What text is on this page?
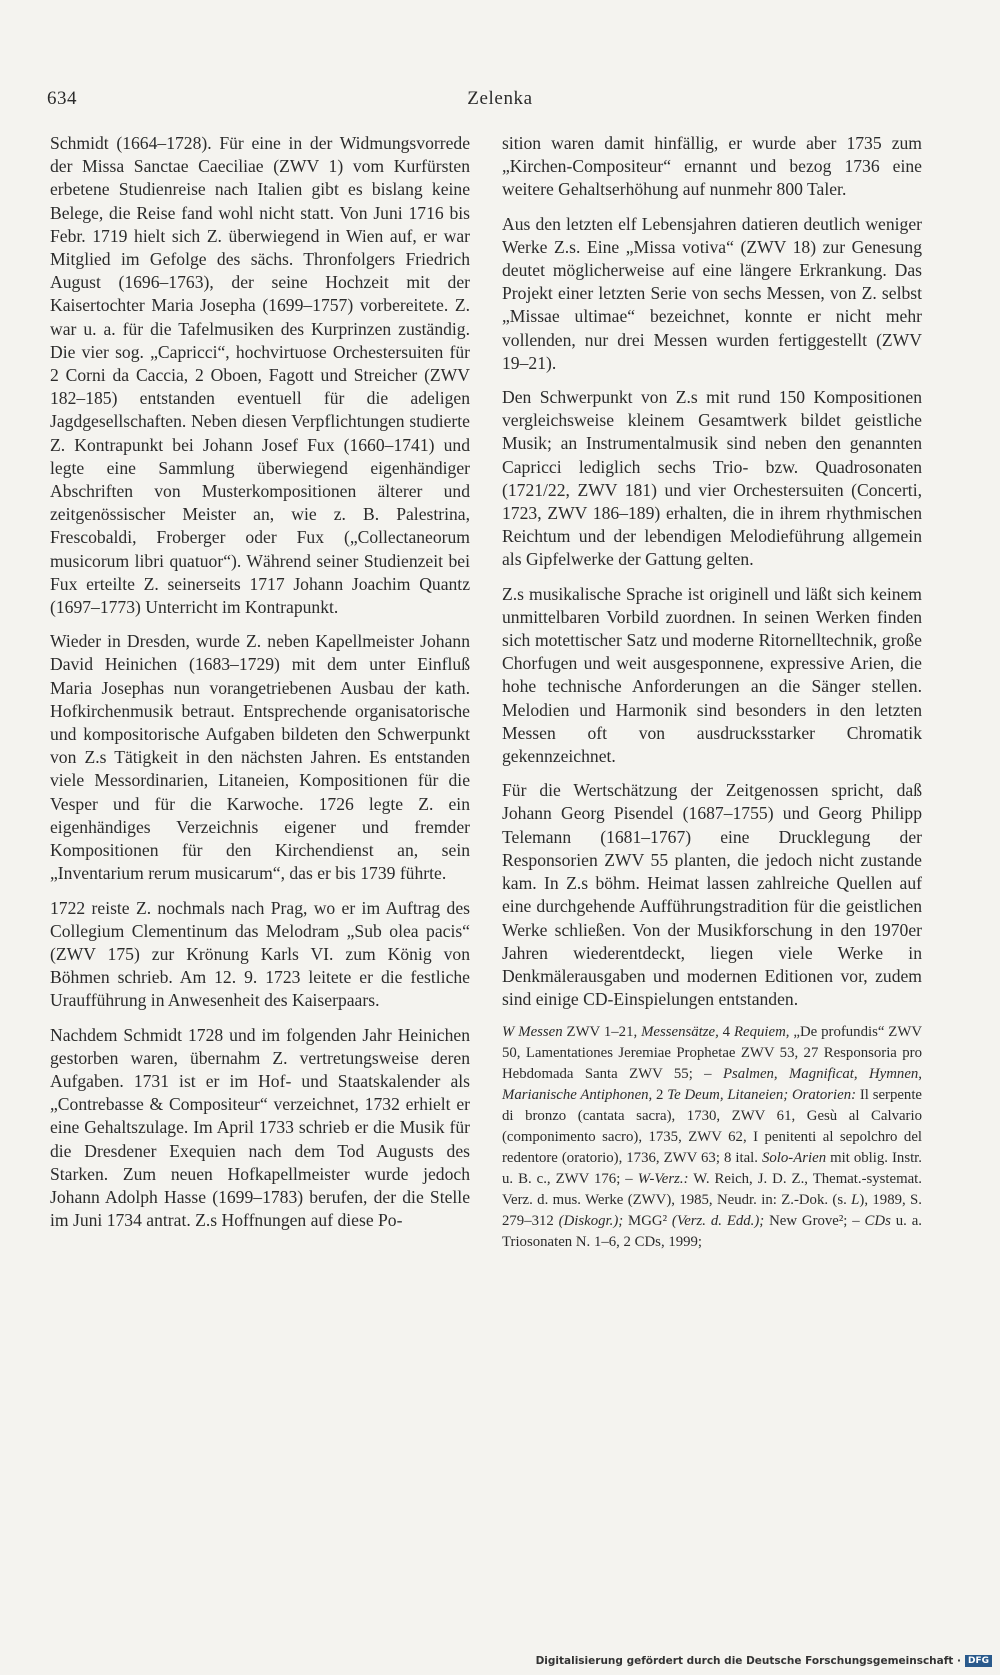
634	Zelenka

Schmidt (1664–1728). Für eine in der Widmungsvorrede der Missa Sanctae Caeciliae (ZWV 1) vom Kurfürsten erbetene Studienreise nach Italien gibt es bislang keine Belege, die Reise fand wohl nicht statt. Von Juni 1716 bis Febr. 1719 hielt sich Z. überwiegend in Wien auf, er war Mitglied im Gefolge des sächs. Thronfolgers Friedrich August (1696–1763), der seine Hochzeit mit der Kaisertochter Maria Josepha (1699–1757) vorbereitete. Z. war u. a. für die Tafelmusiken des Kurprinzen zuständig. Die vier sog. „Capricci“, hochvirtuose Orchestersuiten für 2 Corni da Caccia, 2 Oboen, Fagott und Streicher (ZWV 182–185) entstanden eventuell für die adeligen Jagdgesellschaften. Neben diesen Verpflichtungen studierte Z. Kontrapunkt bei Johann Josef Fux (1660–1741) und legte eine Sammlung überwiegend eigenhändiger Abschriften von Musterkompositionen älterer und zeitgenössischer Meister an, wie z. B. Palestrina, Frescobaldi, Froberger oder Fux („Collectaneorum musicorum libri quatuor“). Während seiner Studienzeit bei Fux erteilte Z. seinerseits 1717 Johann Joachim Quantz (1697–1773) Unterricht im Kontrapunkt.

Wieder in Dresden, wurde Z. neben Kapellmeister Johann David Heinichen (1683–1729) mit dem unter Einfluß Maria Josephas nun vorangetriebenen Ausbau der kath. Hofkirchenmusik betraut. Entsprechende organisatorische und kompositorische Aufgaben bildeten den Schwerpunkt von Z.s Tätigkeit in den nächsten Jahren. Es entstanden viele Messordinarien, Litaneien, Kompositionen für die Vesper und für die Karwoche. 1726 legte Z. ein eigenhändiges Verzeichnis eigener und fremder Kompositionen für den Kirchendienst an, sein „Inventarium rerum musicarum“, das er bis 1739 führte.

1722 reiste Z. nochmals nach Prag, wo er im Auftrag des Collegium Clementinum das Melodram „Sub olea pacis“ (ZWV 175) zur Krönung Karls VI. zum König von Böhmen schrieb. Am 12. 9. 1723 leitete er die festliche Uraufführung in Anwesenheit des Kaiserpaars.

Nachdem Schmidt 1728 und im folgenden Jahr Heinichen gestorben waren, übernahm Z. vertretungsweise deren Aufgaben. 1731 ist er im Hof- und Staatskalender als „Contrebasse & Compositeur“ verzeichnet, 1732 erhielt er eine Gehaltszulage. Im April 1733 schrieb er die Musik für die Dresdener Exequien nach dem Tod Augusts des Starken. Zum neuen Hofkapellmeister wurde jedoch Johann Adolph Hasse (1699–1783) berufen, der die Stelle im Juni 1734 antrat. Z.s Hoffnungen auf diese Po-

sition waren damit hinfällig, er wurde aber 1735 zum „Kirchen-Compositeur“ ernannt und bezog 1736 eine weitere Gehaltserhöhung auf nunmehr 800 Taler.

Aus den letzten elf Lebensjahren datieren deutlich weniger Werke Z.s. Eine „Missa votiva“ (ZWV 18) zur Genesung deutet möglicherweise auf eine längere Erkrankung. Das Projekt einer letzten Serie von sechs Messen, von Z. selbst „Missae ultimae“ bezeichnet, konnte er nicht mehr vollenden, nur drei Messen wurden fertiggestellt (ZWV 19–21).

Den Schwerpunkt von Z.s mit rund 150 Kompositionen vergleichsweise kleinem Gesamtwerk bildet geistliche Musik; an Instrumentalmusik sind neben den genannten Capricci lediglich sechs Trio- bzw. Quadrosonaten (1721/22, ZWV 181) und vier Orchestersuiten (Concerti, 1723, ZWV 186–189) erhalten, die in ihrem rhythmischen Reichtum und der lebendigen Melodieführung allgemein als Gipfelwerke der Gattung gelten.

Z.s musikalische Sprache ist originell und läßt sich keinem unmittelbaren Vorbild zuordnen. In seinen Werken finden sich motettischer Satz und moderne Ritornelltechnik, große Chorfugen und weit ausgesponnene, expressive Arien, die hohe technische Anforderungen an die Sänger stellen. Melodien und Harmonik sind besonders in den letzten Messen oft von ausdrucksstarker Chromatik gekennzeichnet.

Für die Wertschätzung der Zeitgenossen spricht, daß Johann Georg Pisendel (1687–1755) und Georg Philipp Telemann (1681–1767) eine Drucklegung der Responsorien ZWV 55 planten, die jedoch nicht zustande kam. In Z.s böhm. Heimat lassen zahlreiche Quellen auf eine durchgehende Aufführungstradition für die geistlichen Werke schließen. Von der Musikforschung in den 1970er Jahren wiederentdeckt, liegen viele Werke in Denkmälerausgaben und modernen Editionen vor, zudem sind einige CD-Einspielungen entstanden.

W Messen ZWV 1–21, Messensätze, 4 Requiem, „De profundis“ ZWV 50, Lamentationes Jeremiae Prophetae ZWV 53, 27 Responsoria pro Hebdomada Santa ZWV 55; – Psalmen, Magnificat, Hymnen, Marianische Antiphonen, 2 Te Deum, Litaneien; Oratorien: Il serpente di bronzo (cantata sacra), 1730, ZWV 61, Gesù al Calvario (componimento sacro), 1735, ZWV 62, I penitenti al sepolchro del redentore (oratorio), 1736, ZWV 63; 8 ital. Solo-Arien mit oblig. Instr. u. B. c., ZWV 176; – W-Verz.: W. Reich, J. D. Z., Themat.-systemat. Verz. d. mus. Werke (ZWV), 1985, Neudr. in: Z.-Dok. (s. L), 1989, S. 279–312 (Diskogr.); MGG² (Verz. d. Edd.); New Grove²; – CDs u. a. Triosonaten N. 1–6, 2 CDs, 1999;
Digitalisierung gefördert durch die Deutsche Forschungsgemeinschaft · DFG
